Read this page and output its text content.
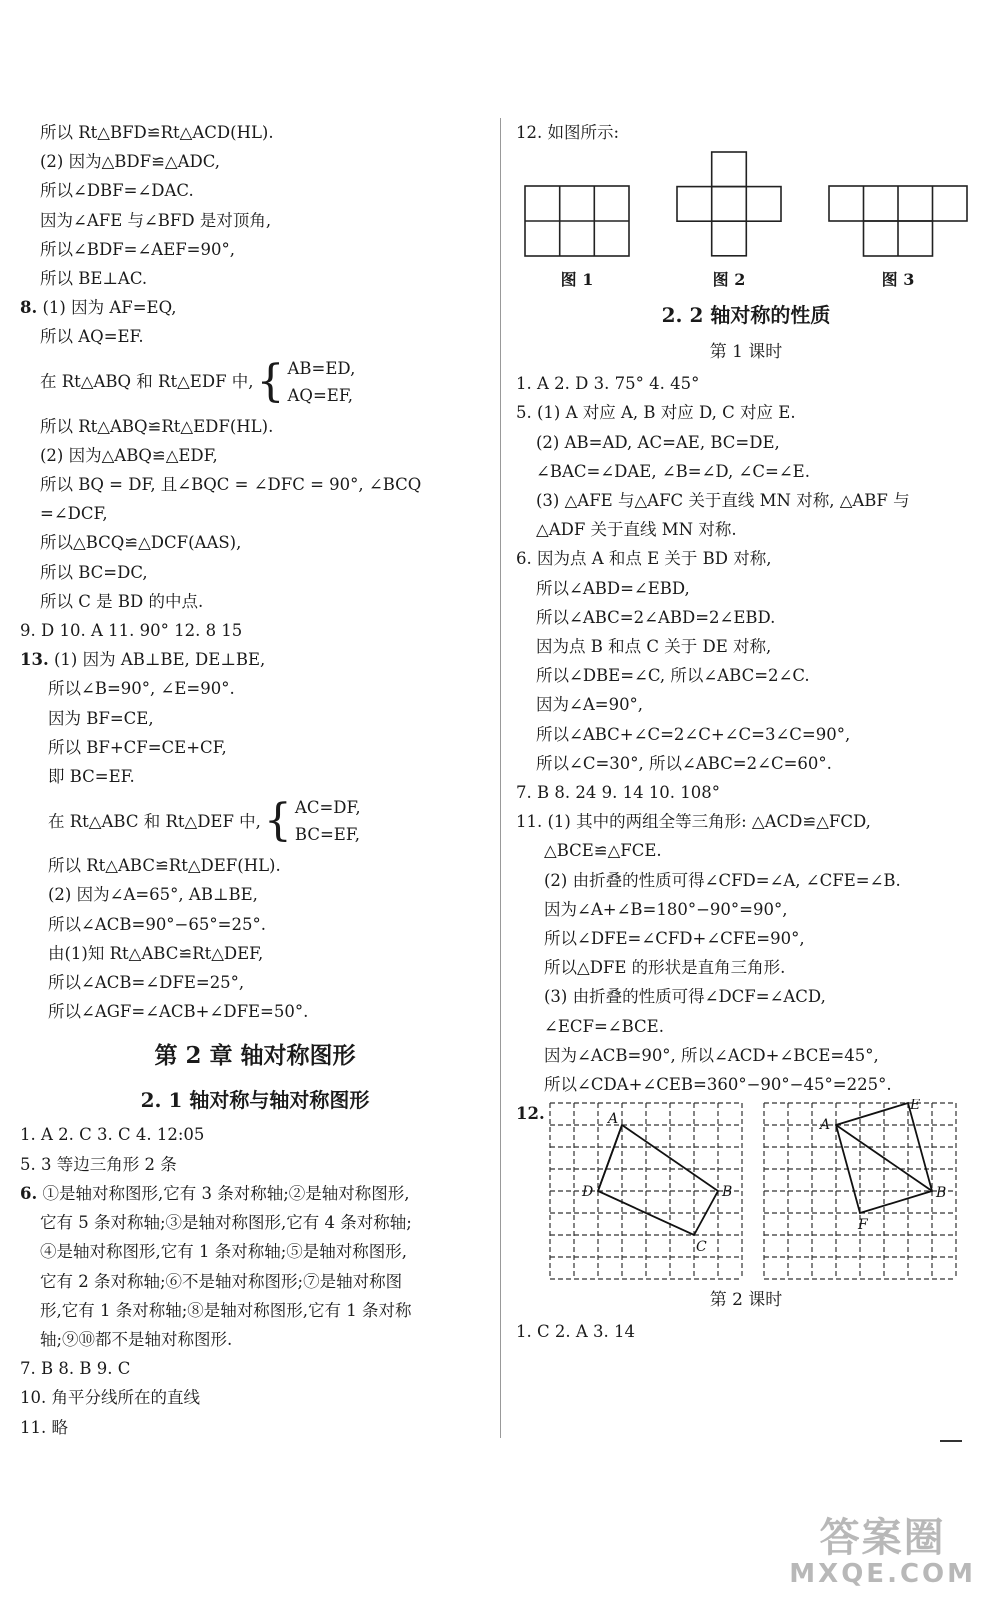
所以 Rt△BFD≌Rt△ACD(HL).
(2) 因为△BDF≌△ADC,
所以∠DBF=∠DAC.
因为∠AFE 与∠BFD 是对顶角,
所以∠BDF=∠AEF=90°,
所以 BE⊥AC.
8. (1) 因为 AF=EQ,
所以 AQ=EF.
在 Rt△ABQ 和 Rt△EDF 中, { AB=ED,
AQ=EF,
所以 Rt△ABQ≌Rt△EDF(HL).
(2) 因为△ABQ≌△EDF,
所以 BQ = DF, 且∠BQC = ∠DFC = 90°, ∠BCQ
=∠DCF,
所以△BCQ≌△DCF(AAS),
所以 BC=DC,
所以 C 是 BD 的中点.
9. D 10. A 11. 90° 12. 8 15
13. (1) 因为 AB⊥BE, DE⊥BE,
所以∠B=90°, ∠E=90°.
因为 BF=CE,
所以 BF+CF=CE+CF,
即 BC=EF.
在 Rt△ABC 和 Rt△DEF 中, { AC=DF,
BC=EF,
所以 Rt△ABC≌Rt△DEF(HL).
(2) 因为∠A=65°, AB⊥BE,
所以∠ACB=90°−65°=25°.
由(1)知 Rt△ABC≌Rt△DEF,
所以∠ACB=∠DFE=25°,
所以∠AGF=∠ACB+∠DFE=50°.
第 2 章 轴对称图形
2. 1 轴对称与轴对称图形
1. A 2. C 3. C 4. 12:05
5. 3 等边三角形 2 条
6. ①是轴对称图形,它有 3 条对称轴;②是轴对称图形,
它有 5 条对称轴;③是轴对称图形,它有 4 条对称轴;
④是轴对称图形,它有 1 条对称轴;⑤是轴对称图形,
它有 2 条对称轴;⑥不是轴对称图形;⑦是轴对称图
形,它有 1 条对称轴;⑧是轴对称图形,它有 1 条对称
轴;⑨⑩都不是轴对称图形.
7. B 8. B 9. C
10. 角平分线所在的直线
11. 略
12. 如图所示:
图 1	图 2	图 3
2. 2 轴对称的性质
第 1 课时
1. A 2. D 3. 75° 4. 45°
5. (1) A 对应 A, B 对应 D, C 对应 E.
(2) AB=AD, AC=AE, BC=DE,
∠BAC=∠DAE, ∠B=∠D, ∠C=∠E.
(3) △AFE 与△AFC 关于直线 MN 对称, △ABF 与
△ADF 关于直线 MN 对称.
6. 因为点 A 和点 E 关于 BD 对称,
所以∠ABD=∠EBD,
所以∠ABC=2∠ABD=2∠EBD.
因为点 B 和点 C 关于 DE 对称,
所以∠DBE=∠C, 所以∠ABC=2∠C.
因为∠A=90°,
所以∠ABC+∠C=2∠C+∠C=3∠C=90°,
所以∠C=30°, 所以∠ABC=2∠C=60°.
7. B 8. 24 9. 14 10. 108°
11. (1) 其中的两组全等三角形: △ACD≌△FCD,
△BCE≌△FCE.
(2) 由折叠的性质可得∠CFD=∠A, ∠CFE=∠B.
因为∠A+∠B=180°−90°=90°,
所以∠DFE=∠CFD+∠CFE=90°,
所以△DFE 的形状是直角三角形.
(3) 由折叠的性质可得∠DCF=∠ACD,
∠ECF=∠BCE.
因为∠ACB=90°, 所以∠ACD+∠BCE=45°,
所以∠CDA+∠CEB=360°−90°−45°=225°.
12.	A
D	B
C
E
A
B
F
第 2 课时
1. C 2. A 3. 14
答案圈
MXQE.COM
